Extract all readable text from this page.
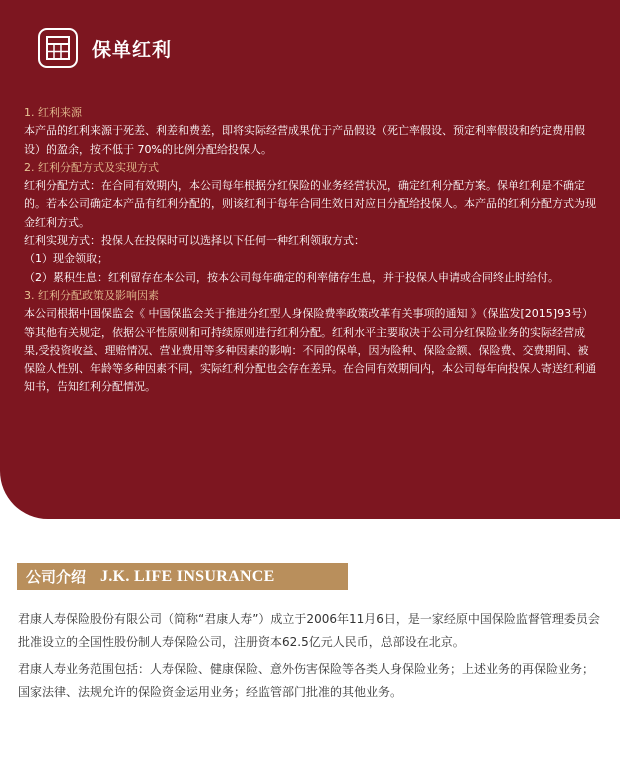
保单红利

1. 红利来源

本产品的红利来源于死差、利差和费差，即将实际经营成果优于产品假设（死亡率假设、预定利率假设和约定费用假设）的盈余，按不低于 70%的比例分配给投保人。

2. 红利分配方式及实现方式

红利分配方式：在合同有效期内，本公司每年根据分红保险的业务经营状况，确定红利分配方案。保单红利是不确定的。若本公司确定本产品有红利分配的，则该红利于每年合同生效日对应日分配给投保人。本产品的红利分配方式为现金红利方式。

红利实现方式：投保人在投保时可以选择以下任何一种红利领取方式：

（1）现金领取；

（2）累积生息：红利留存在本公司，按本公司每年确定的利率储存生息，并于投保人申请或合同终止时给付。

3. 红利分配政策及影响因素

本公司根据中国保监会《 中国保监会关于推进分红型人身保险费率政策改革有关事项的通知 》（保监发[2015]93号）等其他有关规定，依据公平性原则和可持续原则进行红利分配。红利水平主要取决于公司分红保险业务的实际经营成果,受投资收益、理赔情况、营业费用等多种因素的影响：不同的保单，因为险种、保险金额、保险费、交费期间、被保险人性别、年龄等多种因素不同，实际红利分配也会存在差异。在合同有效期间内，本公司每年向投保人寄送红利通知书，告知红利分配情况。

公司介绍 J.K. LIFE INSURANCE

君康人寿保险股份有限公司（简称“君康人寿”）成立于2006年11月6日，是一家经原中国保险监督管理委员会批准设立的全国性股份制人寿保险公司，注册资本62.5亿元人民币，总部设在北京。

君康人寿业务范围包括：人寿保险、健康保险、意外伤害保险等各类人身保险业务；上述业务的再保险业务；国家法律、法规允许的保险资金运用业务；经监管部门批准的其他业务。
